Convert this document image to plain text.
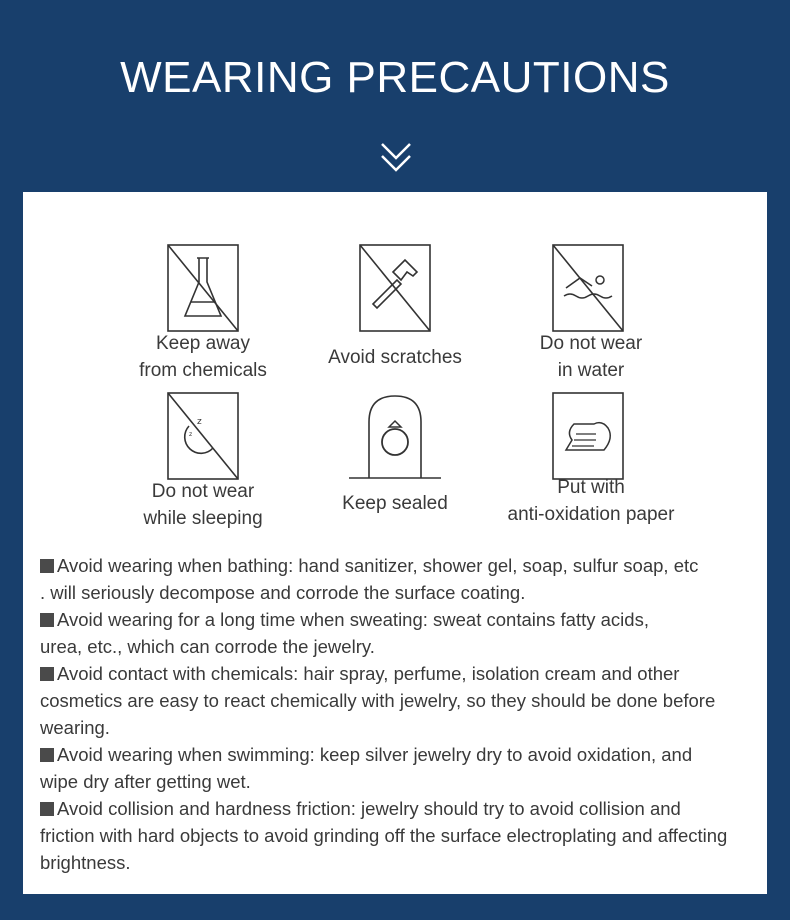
WEARING PRECAUTIONS
Keep away
from chemicals
Avoid scratches
Do not wear
in water
z
z
Do not wear
while sleeping
Keep sealed
Put with
anti-oxidation paper

Avoid wearing when bathing: hand sanitizer, shower gel, soap, sulfur soap, etc
. will seriously decompose and corrode the surface coating.

Avoid wearing for a long time when sweating: sweat contains fatty acids,
urea, etc., which can corrode the jewelry.

Avoid contact with chemicals: hair spray, perfume, isolation cream and other
cosmetics are easy to react chemically with jewelry, so they should be done before wearing.

Avoid wearing when swimming: keep silver jewelry dry to avoid oxidation, and
wipe dry after getting wet.

Avoid collision and hardness friction: jewelry should try to avoid collision and
friction with hard objects to avoid grinding off the surface electroplating and affecting brightness.
